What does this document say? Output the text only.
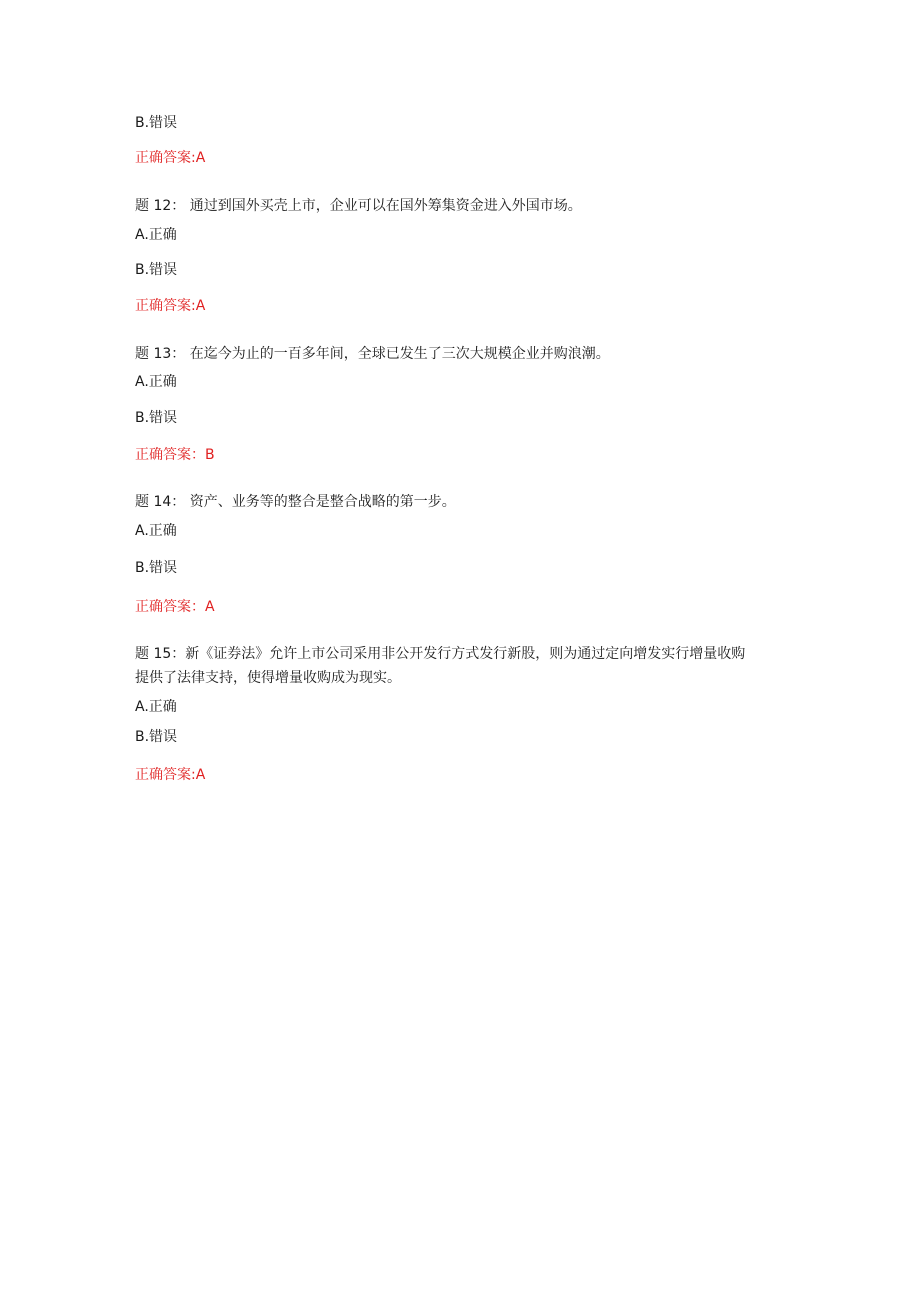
B.错误
正确答案:A
题 12： 通过到国外买壳上市，企业可以在国外筹集资金进入外国市场。
A.正确
B.错误
正确答案:A
题 13： 在迄今为止的一百多年间，全球已发生了三次大规模企业并购浪潮。
A.正确
B.错误
正确答案：B
题 14： 资产、业务等的整合是整合战略的第一步。
A.正确
B.错误
正确答案：A
题 15：新《证券法》允许上市公司采用非公开发行方式发行新股，则为通过定向增发实行增量收购
提供了法律支持，使得增量收购成为现实。
A.正确
B.错误
正确答案:A
